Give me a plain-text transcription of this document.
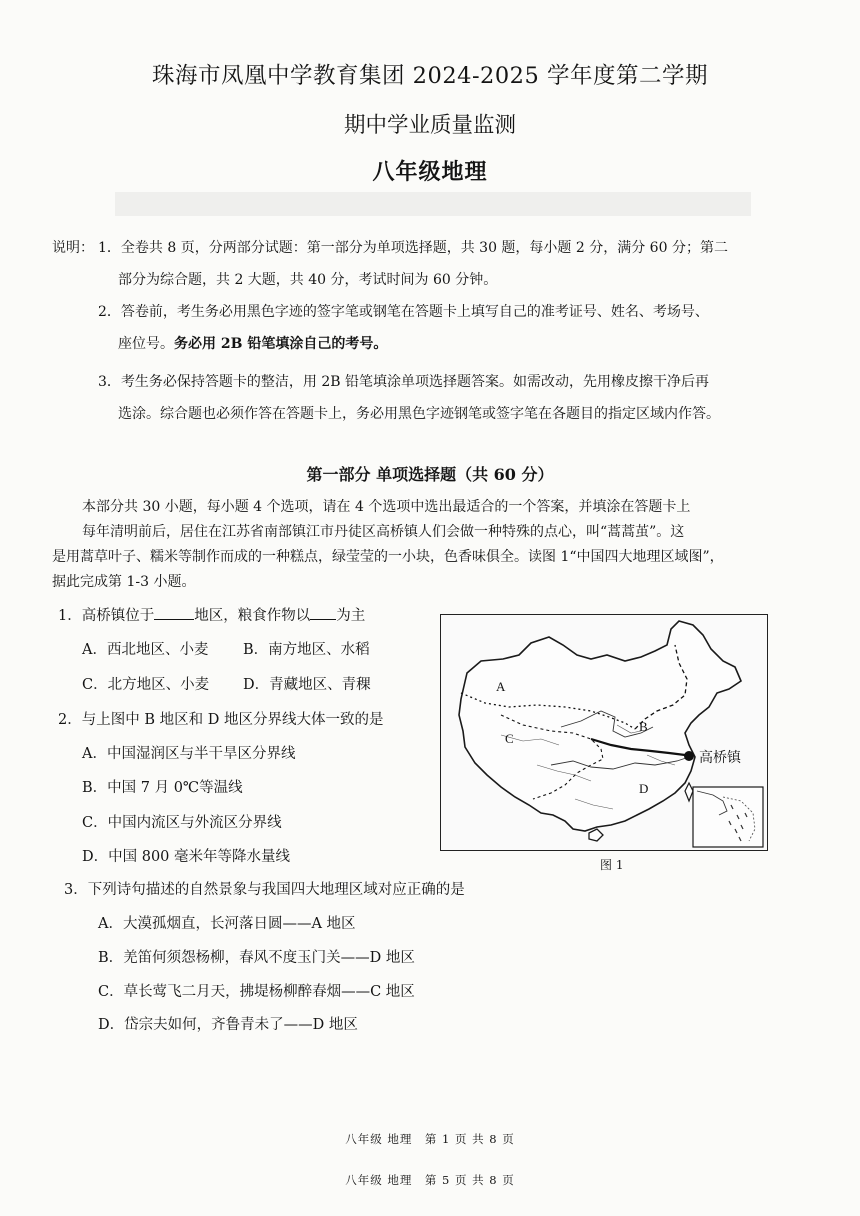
珠海市凤凰中学教育集团 2024-2025 学年度第二学期
期中学业质量监测
八年级地理
说明： 1．全卷共 8 页，分两部分试题：第一部分为单项选择题，共 30 题，每小题 2 分，满分 60 分；第二
部分为综合题，共 2 大题，共 40 分，考试时间为 60 分钟。
2．答卷前，考生务必用黑色字迹的签字笔或钢笔在答题卡上填写自己的准考证号、姓名、考场号、
座位号。务必用 2B 铅笔填涂自己的考号。
3．考生务必保持答题卡的整洁，用 2B 铅笔填涂单项选择题答案。如需改动，先用橡皮擦干净后再
选涂。综合题也必须作答在答题卡上，务必用黑色字迹钢笔或签字笔在各题目的指定区域内作答。
第一部分 单项选择题（共 60 分）
本部分共 30 小题，每小题 4 个选项，请在 4 个选项中选出最适合的一个答案，并填涂在答题卡上
每年清明前后，居住在江苏省南部镇江市丹徒区高桥镇人们会做一种特殊的点心，叫“蒿蒿茧”。这
是用蒿草叶子、糯米等制作而成的一种糕点，绿莹莹的一小块，色香味俱全。读图 1“中国四大地理区域图”，
据此完成第 1-3 小题。
1．高桥镇位于	地区，粮食作物以 为主
A．西北地区、小麦 B．南方地区、水稻
C．北方地区、小麦 D．青藏地区、青稞
2．与上图中 B 地区和 D 地区分界线大体一致的是
A．中国湿润区与半干旱区分界线
B．中国 7 月 0℃等温线
C．中国内流区与外流区分界线
D．中国 800 毫米年等降水量线
A
B
C
D
高桥镇
图 1
3．下列诗句描述的自然景象与我国四大地理区域对应正确的是
A．大漠孤烟直，长河落日圆——A 地区
B．羌笛何须怨杨柳，春风不度玉门关——D 地区
C．草长莺飞二月天，拂堤杨柳醉春烟——C 地区
D．岱宗夫如何，齐鲁青未了——D 地区
八年级 地理　第 1 页 共 8 页
八年级 地理　第 5 页 共 8 页
